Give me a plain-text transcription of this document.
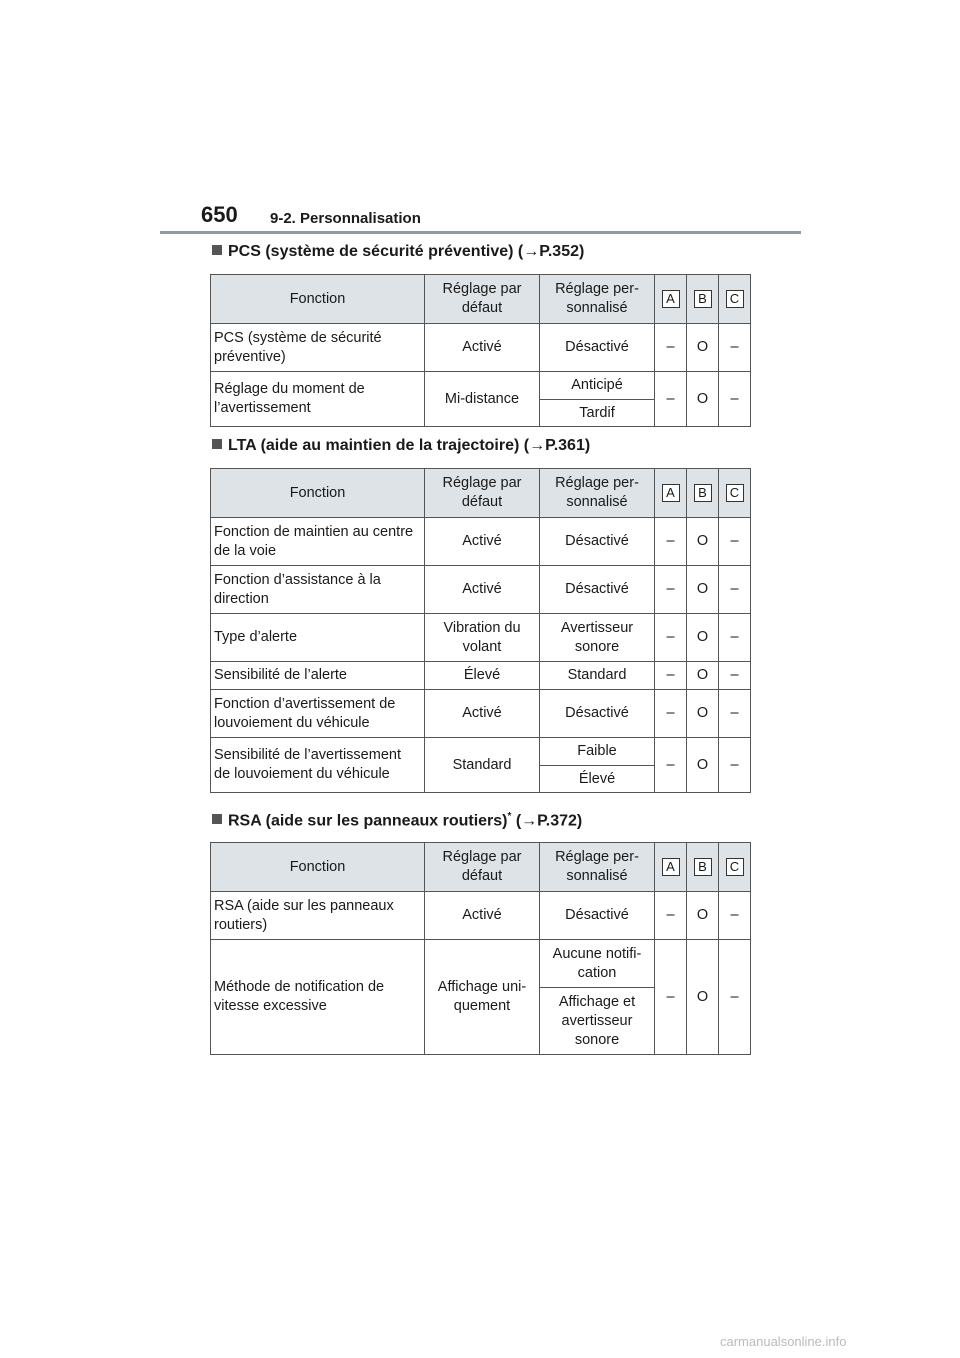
650 9-2. Personnalisation
PCS (système de sécurité préventive) (→P.352)
Fonction	Réglage par défaut	Réglage per-sonnalisé	A	B	C
PCS (système de sécurité préventive)	Activé	Désactivé	–	O	–
Réglage du moment de l’avertissement	Mi-distance	Anticipé	–	O	–
		Tardif			
LTA (aide au maintien de la trajectoire) (→P.361)
Fonction	Réglage par défaut	Réglage per-sonnalisé	A	B	C
Fonction de maintien au centre de la voie	Activé	Désactivé	–	O	–
Fonction d’assistance à la direction	Activé	Désactivé	–	O	–
Type d’alerte	Vibration du volant	Avertisseur sonore	–	O	–
Sensibilité de l’alerte	Élevé	Standard	–	O	–
Fonction d’avertissement de louvoiement du véhicule	Activé	Désactivé	–	O	–
Sensibilité de l’avertissement de louvoiement du véhicule	Standard	Faible	–	O	–
		Élevé			
RSA (aide sur les panneaux routiers)* (→P.372)
Fonction	Réglage par défaut	Réglage per-sonnalisé	A	B	C
RSA (aide sur les panneaux routiers)	Activé	Désactivé	–	O	–
Méthode de notification de vitesse excessive	Affichage uni-quement	Aucune notifi-cation	–	O	–
		Affichage et avertisseur sonore			
carmanualsonline.info
